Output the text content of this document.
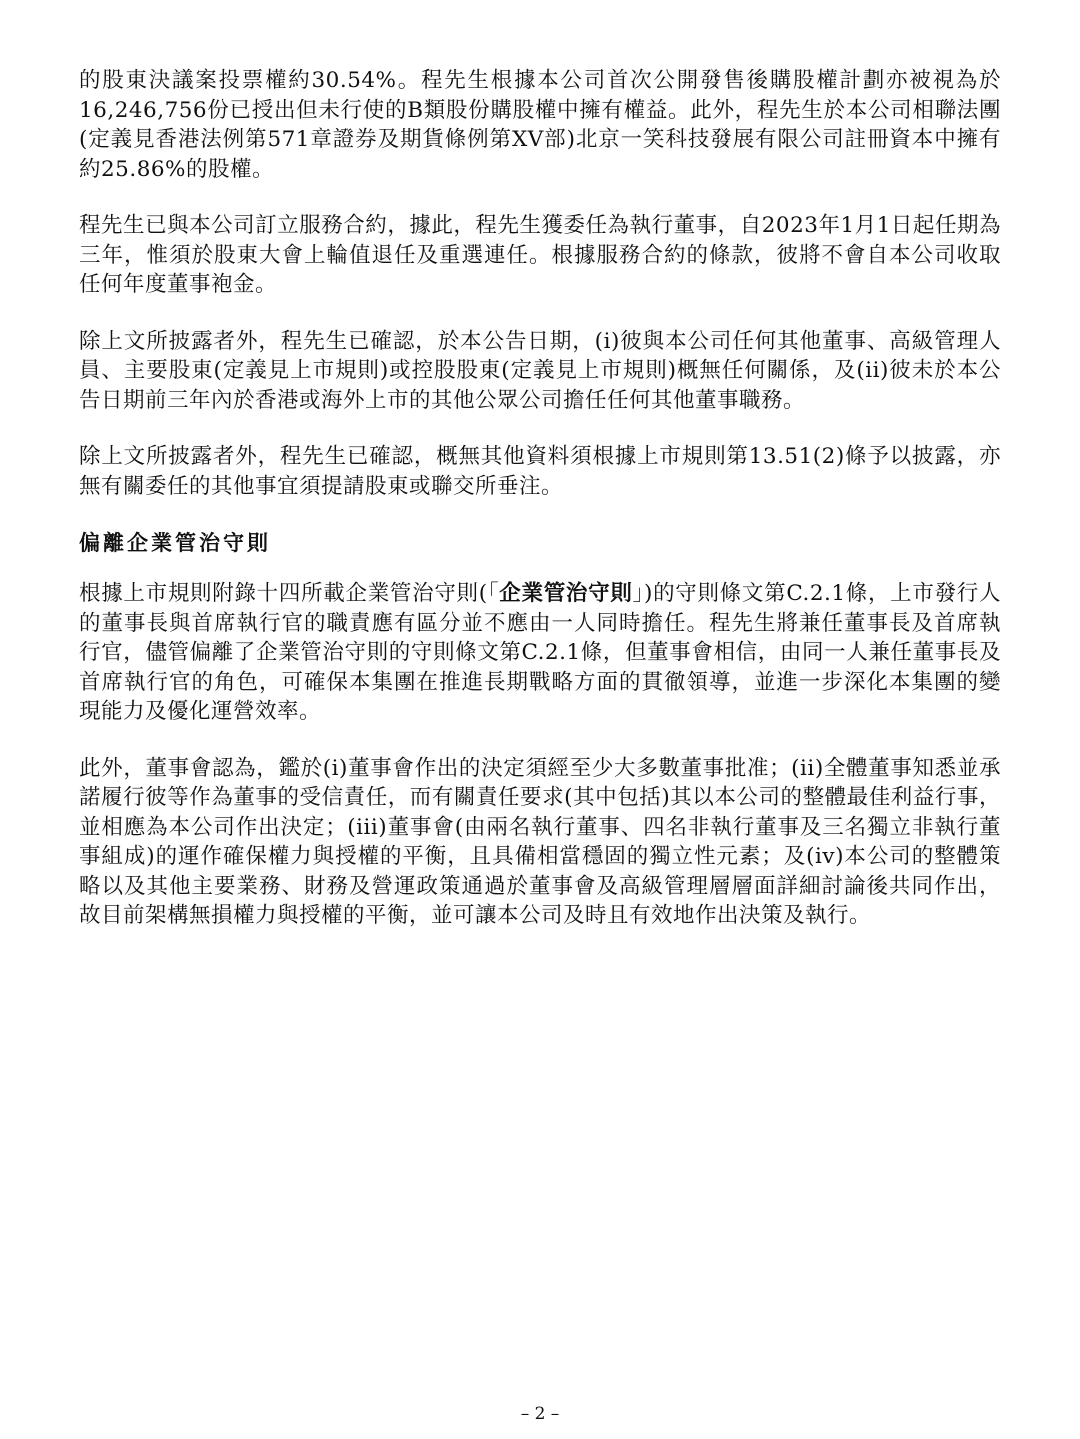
的股東決議案投票權約30.54%。程先生根據本公司首次公開發售後購股權計劃亦被視為於16,246,756份已授出但未行使的B類股份購股權中擁有權益。此外，程先生於本公司相聯法團(定義見香港法例第571章證券及期貨條例第XV部)北京一笑科技發展有限公司註冊資本中擁有約25.86%的股權。

程先生已與本公司訂立服務合約，據此，程先生獲委任為執行董事，自2023年1月1日起任期為三年，惟須於股東大會上輪值退任及重選連任。根據服務合約的條款，彼將不會自本公司收取任何年度董事袍金。

除上文所披露者外，程先生已確認，於本公告日期，(i)彼與本公司任何其他董事、高級管理人員、主要股東(定義見上市規則)或控股股東(定義見上市規則)概無任何關係，及(ii)彼未於本公告日期前三年內於香港或海外上市的其他公眾公司擔任任何其他董事職務。

除上文所披露者外，程先生已確認，概無其他資料須根據上市規則第13.51(2)條予以披露，亦無有關委任的其他事宜須提請股東或聯交所垂注。

偏離企業管治守則

根據上市規則附錄十四所載企業管治守則(「企業管治守則」)的守則條文第C.2.1條，上市發行人的董事長與首席執行官的職責應有區分並不應由一人同時擔任。程先生將兼任董事長及首席執行官，儘管偏離了企業管治守則的守則條文第C.2.1條，但董事會相信，由同一人兼任董事長及首席執行官的角色，可確保本集團在推進長期戰略方面的貫徹領導，並進一步深化本集團的變現能力及優化運營效率。

此外，董事會認為，鑑於(i)董事會作出的決定須經至少大多數董事批准；(ii)全體董事知悉並承諾履行彼等作為董事的受信責任，而有關責任要求(其中包括)其以本公司的整體最佳利益行事，並相應為本公司作出決定；(iii)董事會(由兩名執行董事、四名非執行董事及三名獨立非執行董事組成)的運作確保權力與授權的平衡，且具備相當穩固的獨立性元素；及(iv)本公司的整體策略以及其他主要業務、財務及營運政策通過於董事會及高級管理層層面詳細討論後共同作出，故目前架構無損權力與授權的平衡，並可讓本公司及時且有效地作出決策及執行。

– 2 –
